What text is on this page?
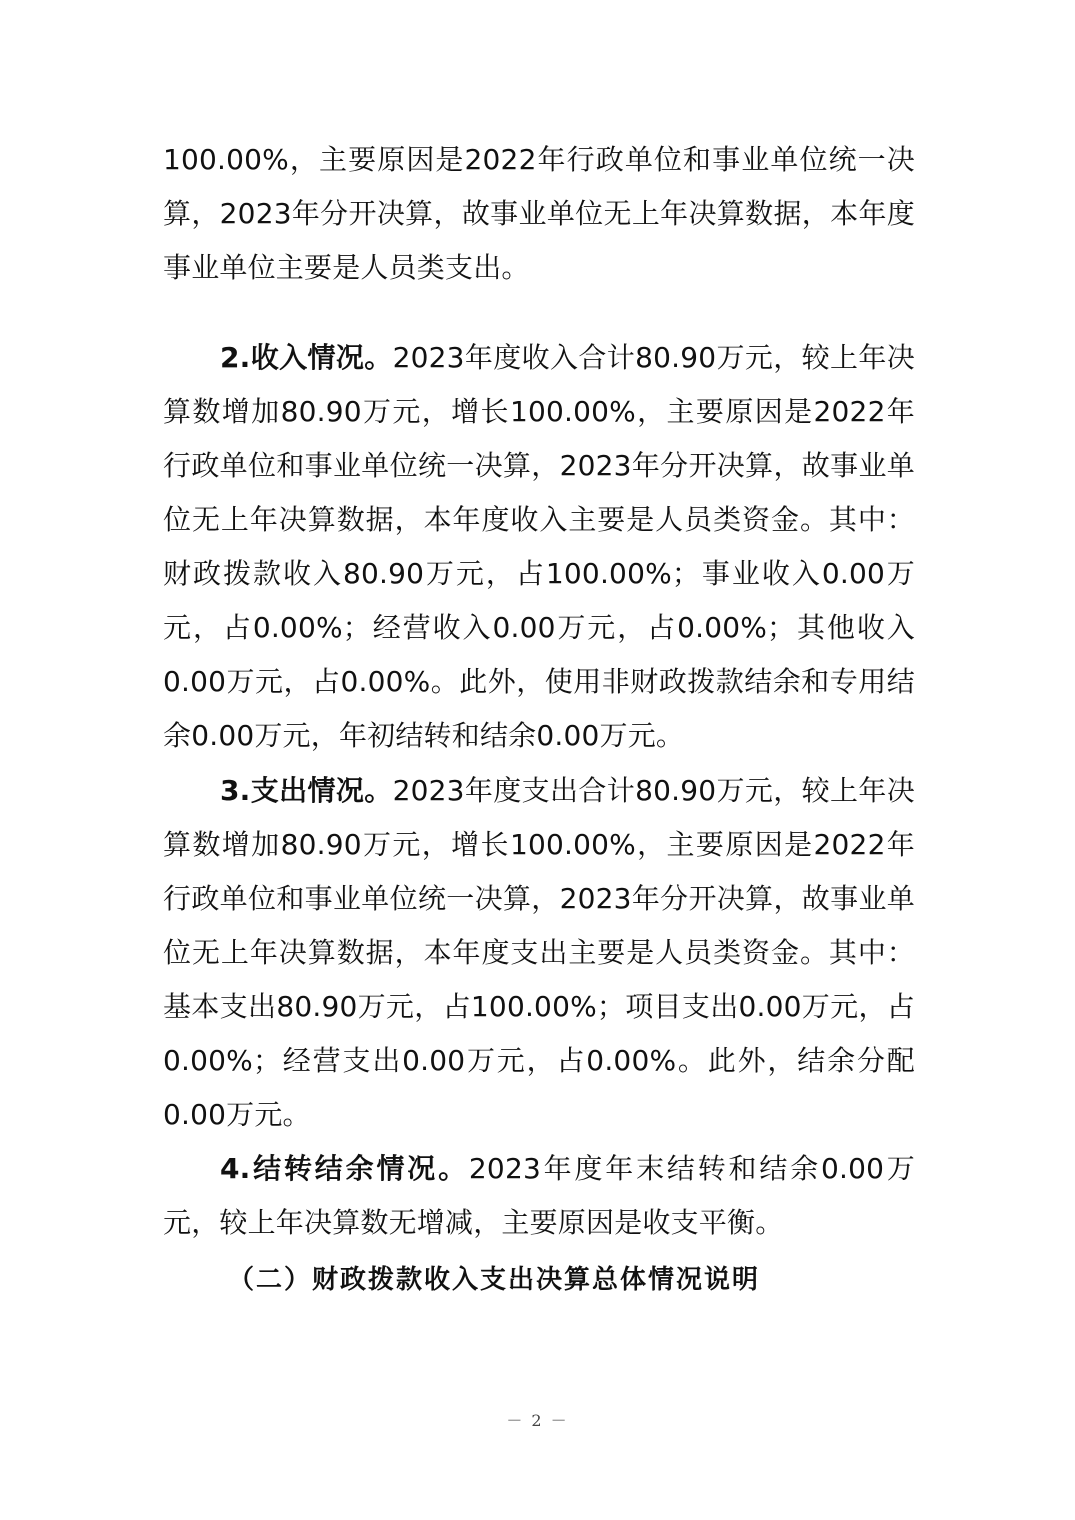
100.00%，主要原因是2022年行政单位和事业单位统一决算，2023年分开决算，故事业单位无上年决算数据，本年度事业单位主要是人员类支出。

2.收入情况。2023年度收入合计80.90万元，较上年决算数增加80.90万元，增长100.00%，主要原因是2022年行政单位和事业单位统一决算，2023年分开决算，故事业单位无上年决算数据，本年度收入主要是人员类资金。其中：财政拨款收入80.90万元，占100.00%；事业收入0.00万元，占0.00%；经营收入0.00万元，占0.00%；其他收入0.00万元，占0.00%。此外，使用非财政拨款结余和专用结余0.00万元，年初结转和结余0.00万元。

3.支出情况。2023年度支出合计80.90万元，较上年决算数增加80.90万元，增长100.00%，主要原因是2022年行政单位和事业单位统一决算，2023年分开决算，故事业单位无上年决算数据，本年度支出主要是人员类资金。其中：基本支出80.90万元，占100.00%；项目支出0.00万元，占0.00%；经营支出0.00万元，占0.00%。此外，结余分配0.00万元。

4.结转结余情况。2023年度年末结转和结余0.00万元，较上年决算数无增减，主要原因是收支平衡。

（二）财政拨款收入支出决算总体情况说明
－ 2 －
